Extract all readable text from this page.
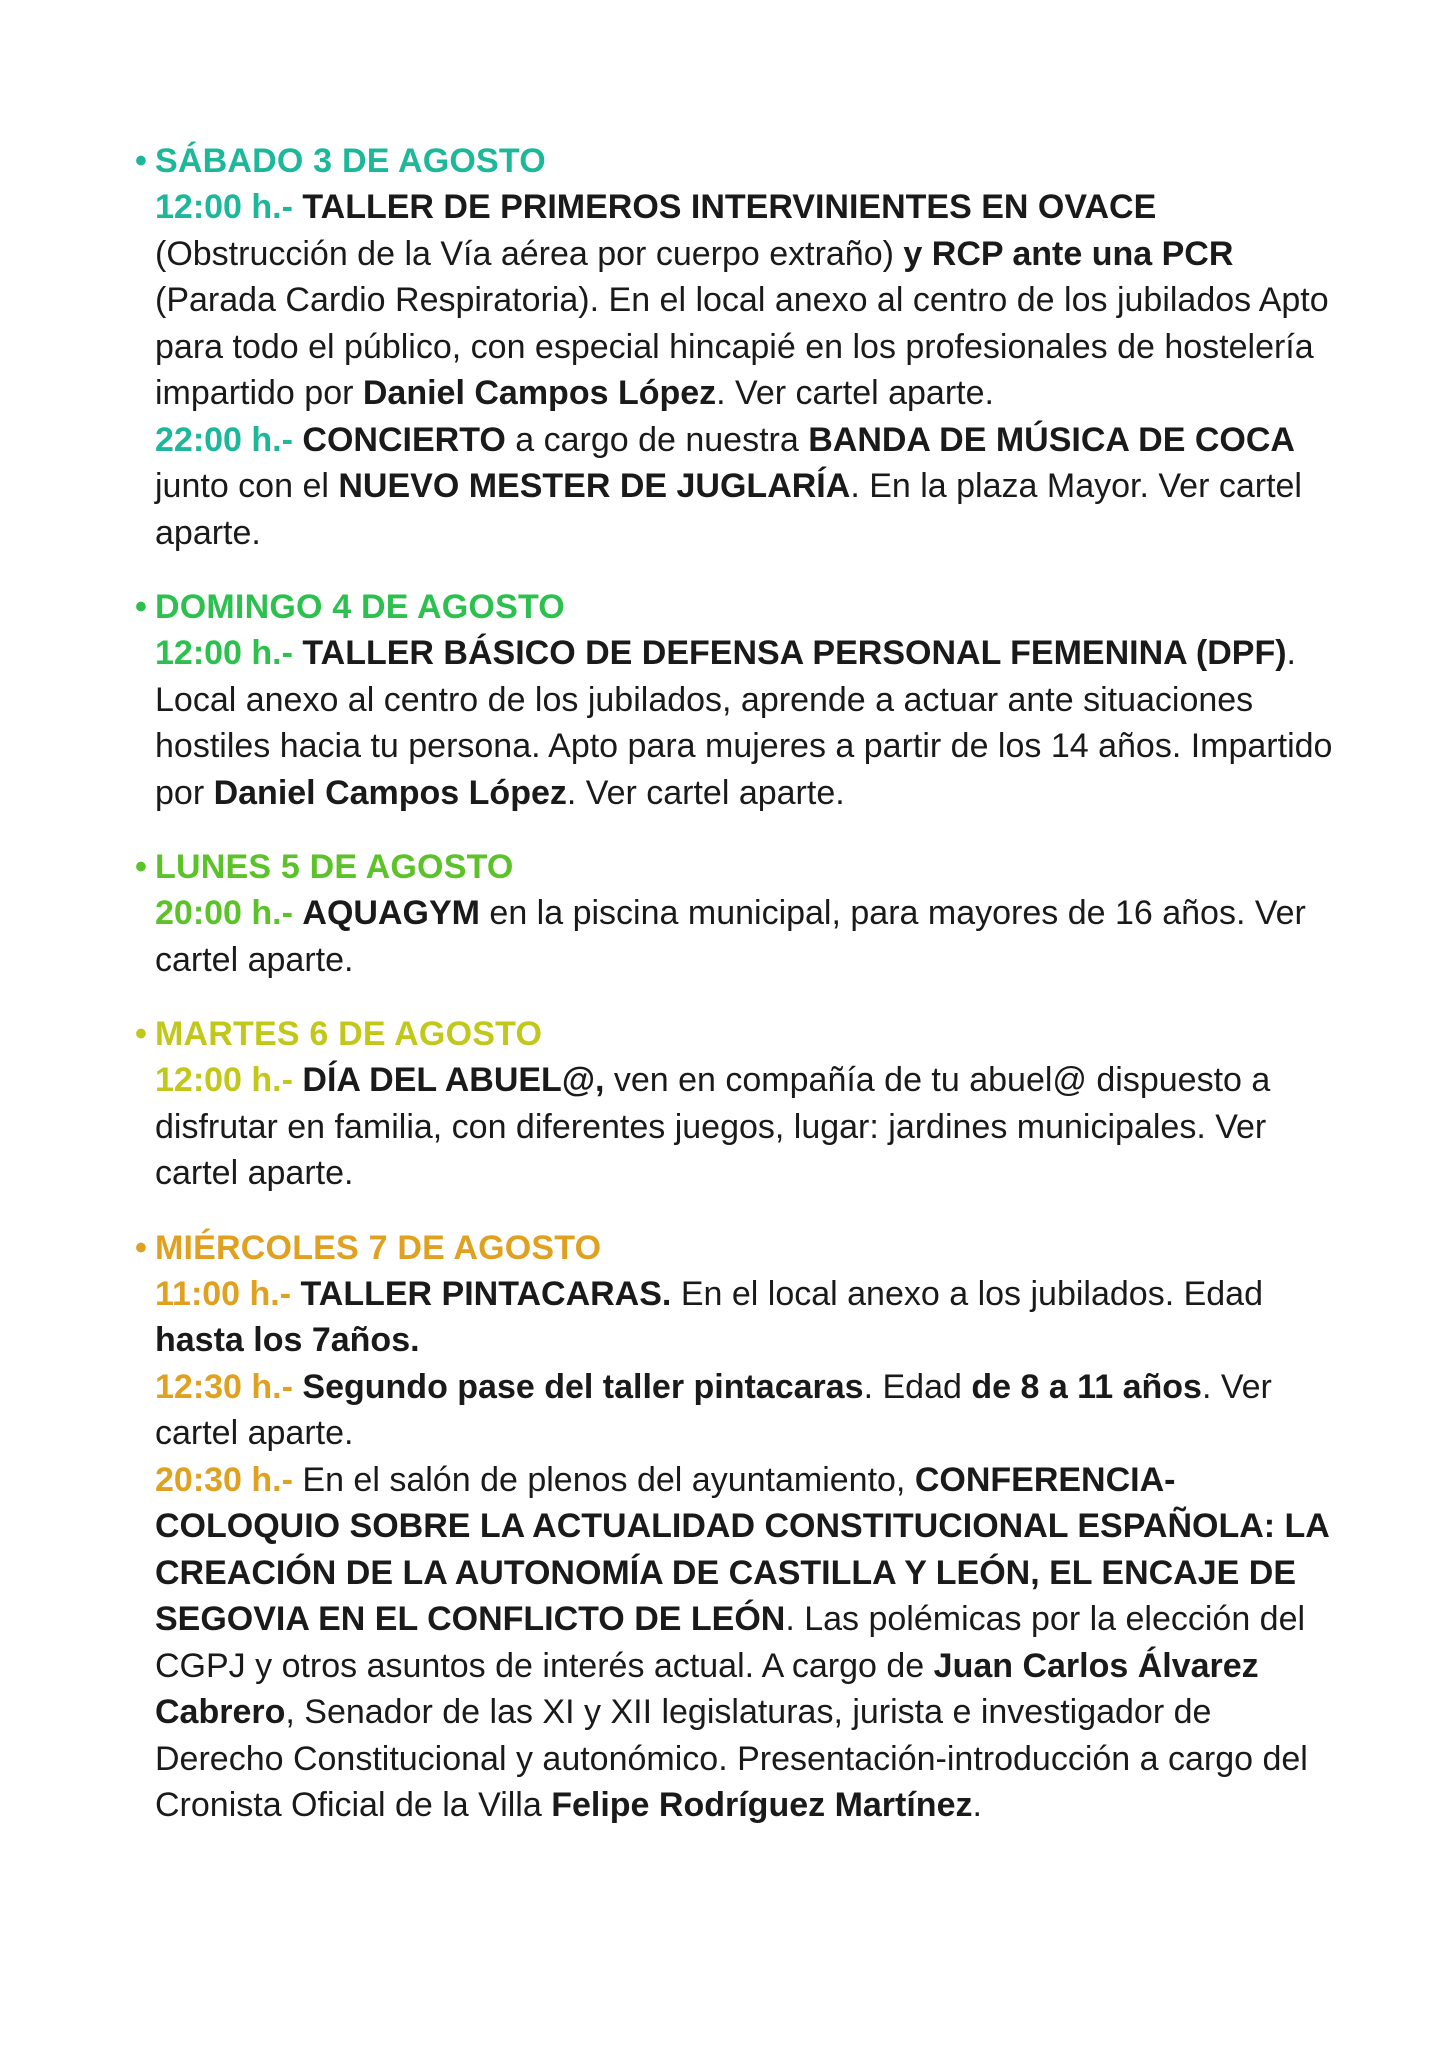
• SÁBADO 3 DE AGOSTO
12:00 h.- TALLER DE PRIMEROS INTERVINIENTES EN OVACE (Obstrucción de la Vía aérea por cuerpo extraño) y RCP ante una PCR (Parada Cardio Respiratoria). En el local anexo al centro de los jubilados Apto para todo el público, con especial hincapié en los profesionales de hostelería impartido por Daniel Campos López. Ver cartel aparte.
22:00 h.- CONCIERTO a cargo de nuestra BANDA DE MÚSICA DE COCA junto con el NUEVO MESTER DE JUGLARÍA. En la plaza Mayor. Ver cartel aparte.
• DOMINGO 4 DE AGOSTO
12:00 h.- TALLER BÁSICO DE DEFENSA PERSONAL FEMENINA (DPF). Local anexo al centro de los jubilados, aprende a actuar ante situaciones hostiles hacia tu persona. Apto para mujeres a partir de los 14 años. Impartido por Daniel Campos López. Ver cartel aparte.
• LUNES 5 DE AGOSTO
20:00 h.- AQUAGYM en la piscina municipal, para mayores de 16 años. Ver cartel aparte.
• MARTES 6 DE AGOSTO
12:00 h.- DÍA DEL ABUEL@, ven en compañía de tu abuel@ dispuesto a disfrutar en familia, con diferentes juegos, lugar: jardines municipales. Ver cartel aparte.
• MIÉRCOLES 7 DE AGOSTO
11:00 h.- TALLER PINTACARAS. En el local anexo a los jubilados. Edad hasta los 7años.
12:30 h.- Segundo pase del taller pintacaras. Edad de 8 a 11 años. Ver cartel aparte.
20:30 h.- En el salón de plenos del ayuntamiento, CONFERENCIA-COLOQUIO SOBRE LA ACTUALIDAD CONSTITUCIONAL ESPAÑOLA: LA CREACIÓN DE LA AUTONOMÍA DE CASTILLA Y LEÓN, EL ENCAJE DE SEGOVIA EN EL CONFLICTO DE LEÓN. Las polémicas por la elección del CGPJ y otros asuntos de interés actual. A cargo de Juan Carlos Álvarez Cabrero, Senador de las XI y XII legislaturas, jurista e investigador de Derecho Constitucional y autonómico. Presentación-introducción a cargo del Cronista Oficial de la Villa Felipe Rodríguez Martínez.
